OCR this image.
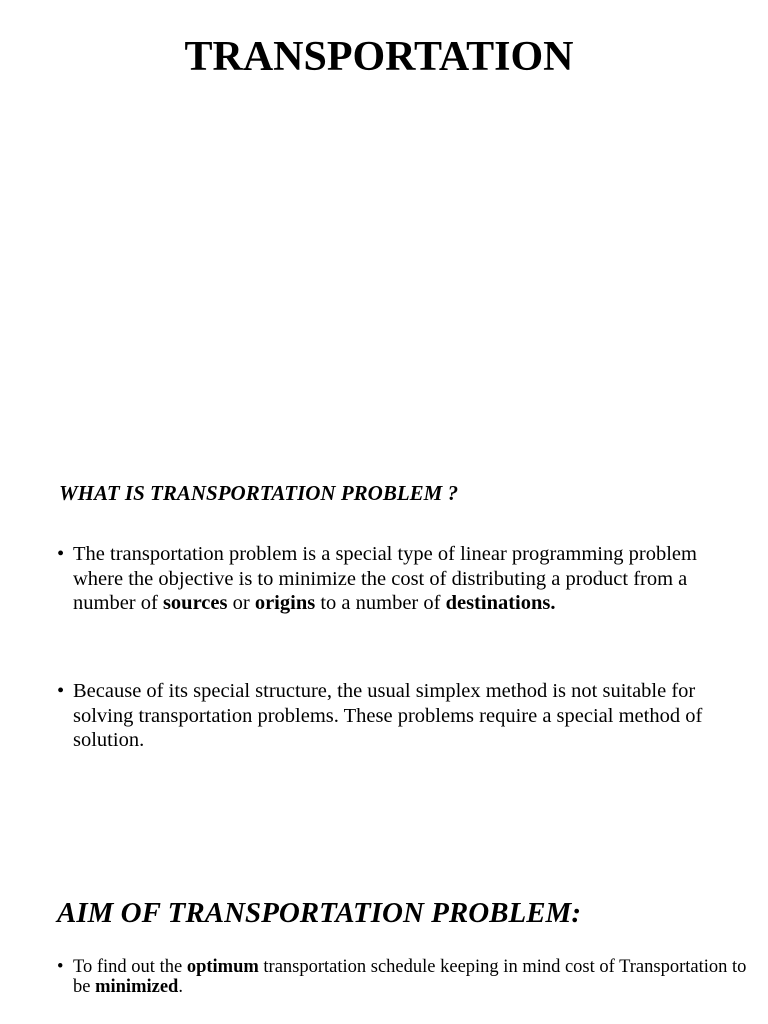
TRANSPORTATION
WHAT IS TRANSPORTATION PROBLEM ?
• The transportation problem is a special type of linear programming problem where the objective is to minimize the cost of distributing a product from a number of sources or origins to a number of destinations.
• Because of its special structure, the usual simplex method is not suitable for solving transportation problems. These problems require a special method of solution.
AIM OF TRANSPORTATION PROBLEM:
• To find out the optimum transportation schedule keeping in mind cost of Transportation to be minimized.
